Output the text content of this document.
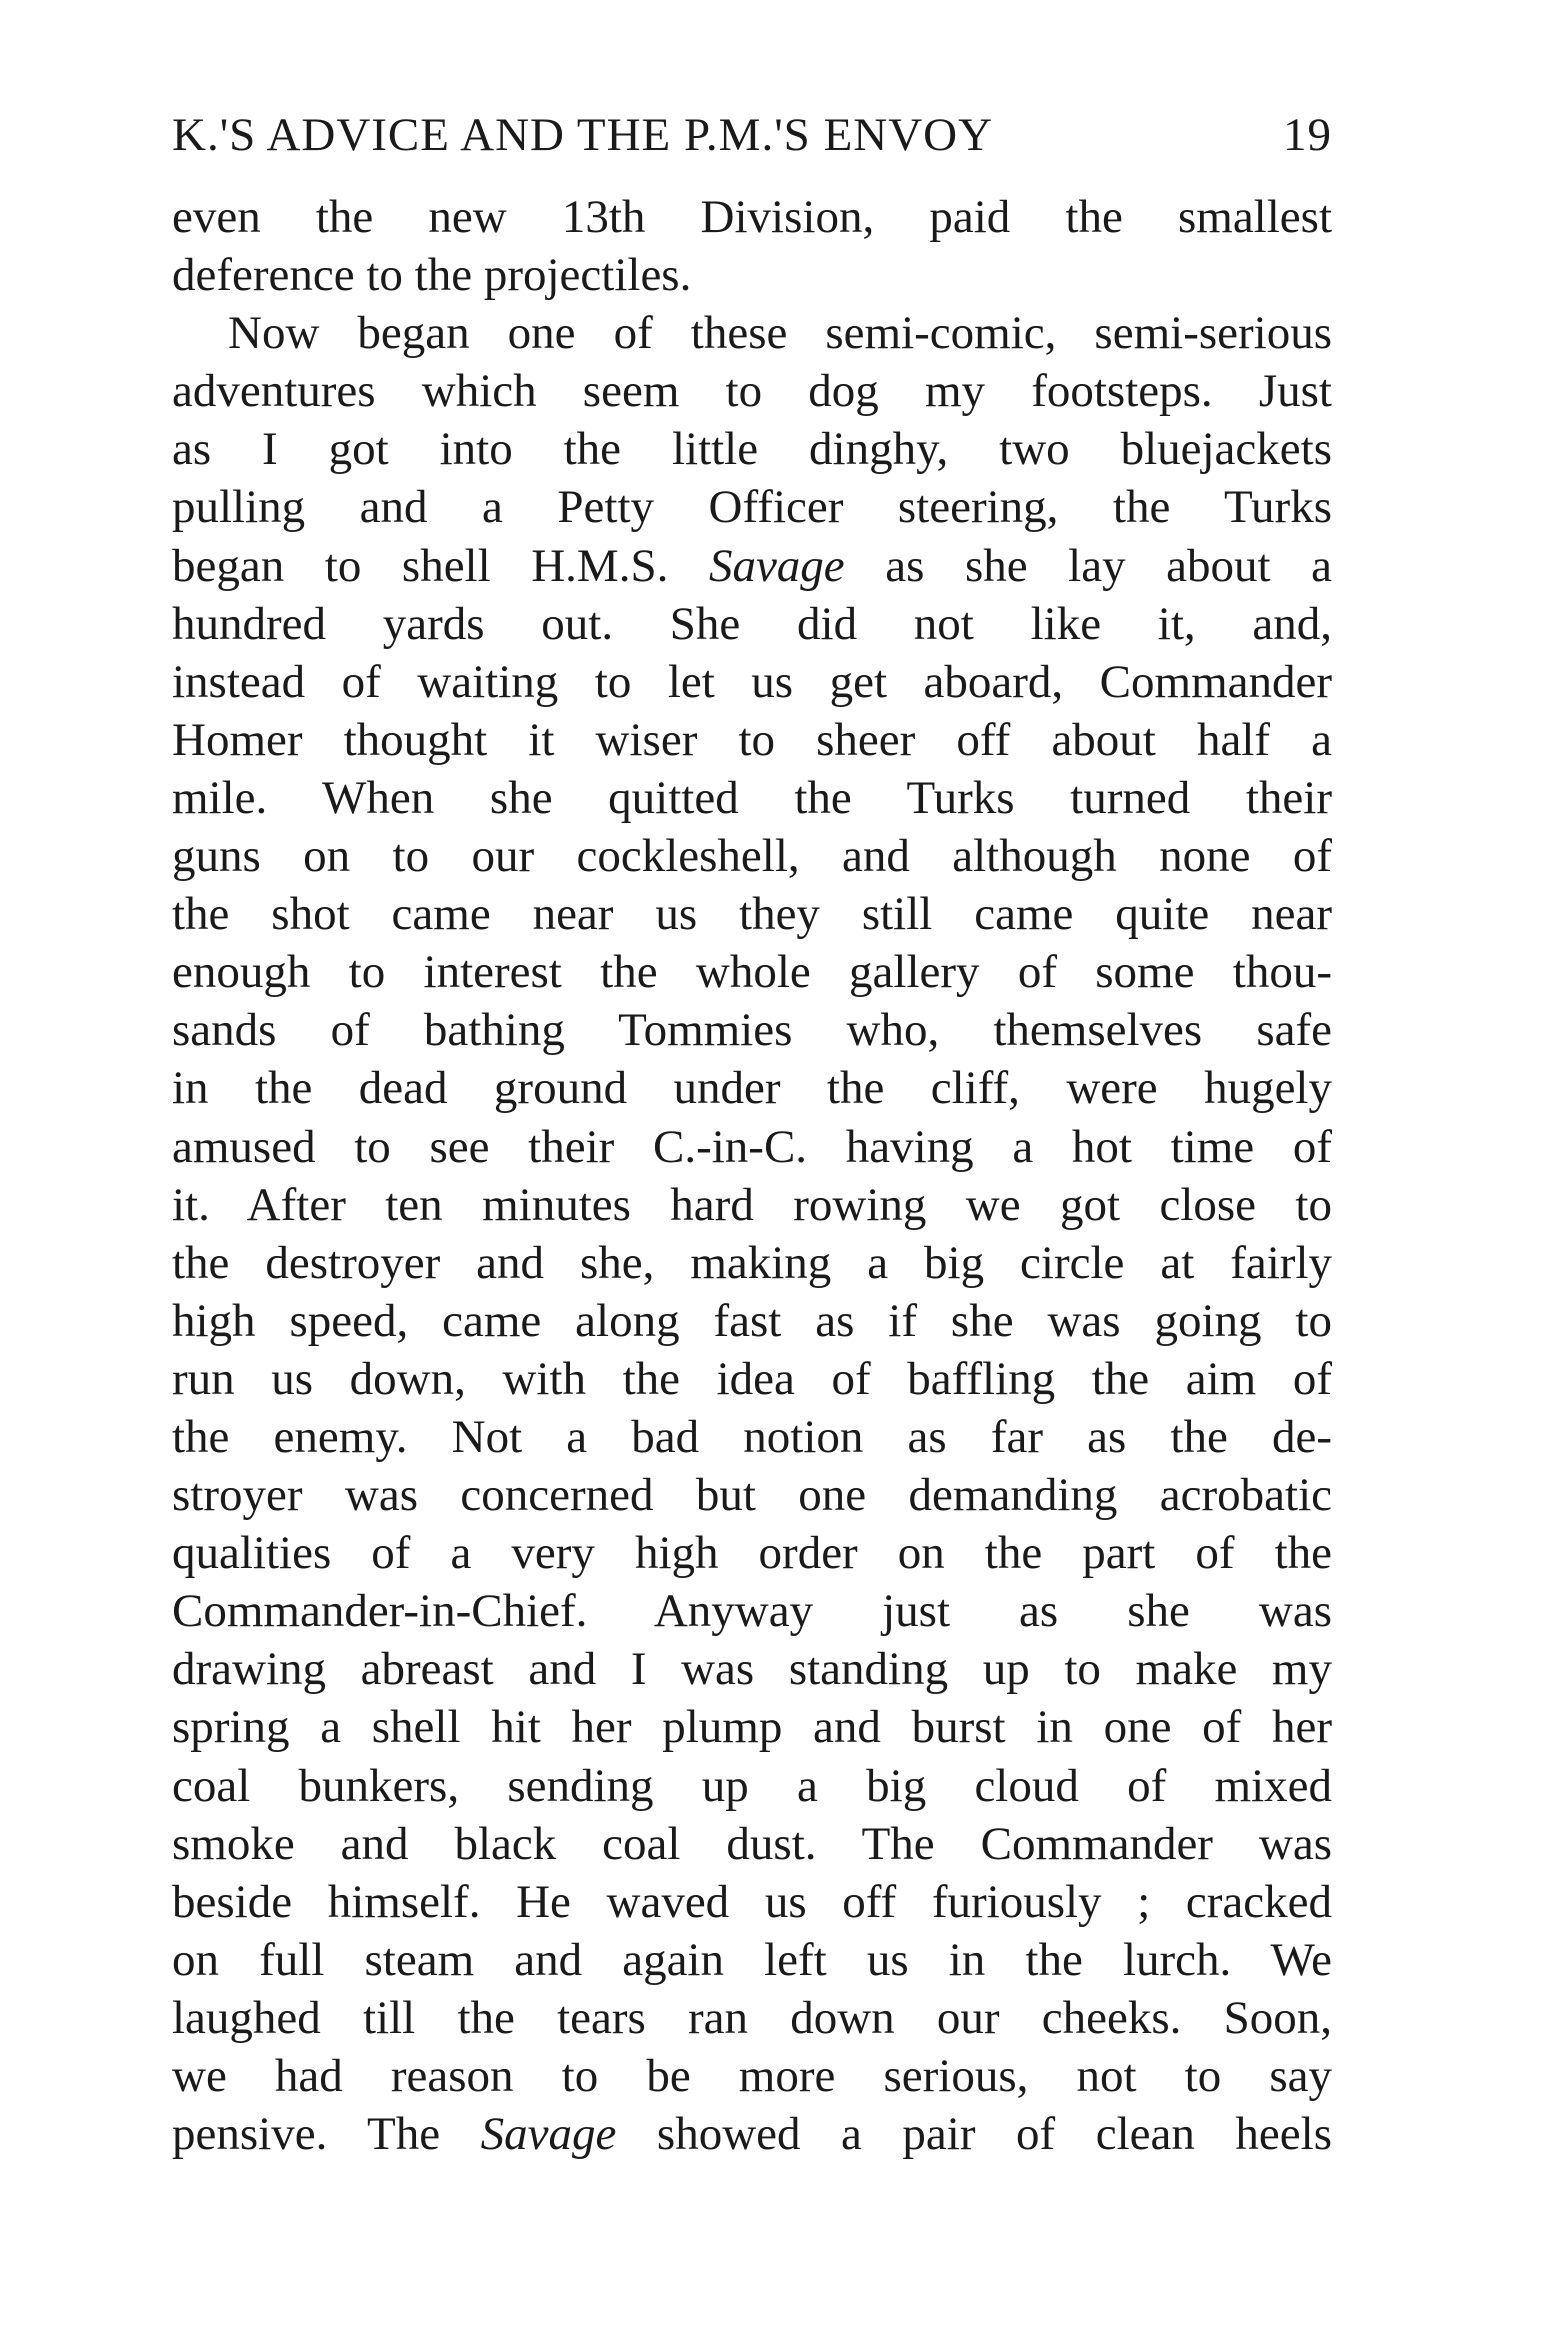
K.'S ADVICE AND THE P.M.'S ENVOY	19
even the new 13th Division, paid the smallest
deference to the projectiles.
Now began one of these semi-comic, semi-serious
adventures which seem to dog my footsteps. Just
as I got into the little dinghy, two bluejackets
pulling and a Petty Officer steering, the Turks
began to shell H.M.S. Savage as she lay about a
hundred yards out. She did not like it, and,
instead of waiting to let us get aboard, Commander
Homer thought it wiser to sheer off about half a
mile. When she quitted the Turks turned their
guns on to our cockleshell, and although none of
the shot came near us they still came quite near
enough to interest the whole gallery of some thou-
sands of bathing Tommies who, themselves safe
in the dead ground under the cliff, were hugely
amused to see their C.-in-C. having a hot time of
it. After ten minutes hard rowing we got close to
the destroyer and she, making a big circle at fairly
high speed, came along fast as if she was going to
run us down, with the idea of baffling the aim of
the enemy. Not a bad notion as far as the de-
stroyer was concerned but one demanding acrobatic
qualities of a very high order on the part of the
Commander-in-Chief. Anyway just as she was
drawing abreast and I was standing up to make my
spring a shell hit her plump and burst in one of her
coal bunkers, sending up a big cloud of mixed
smoke and black coal dust. The Commander was
beside himself. He waved us off furiously ; cracked
on full steam and again left us in the lurch. We
laughed till the tears ran down our cheeks. Soon,
we had reason to be more serious, not to say
pensive. The Savage showed a pair of clean heels
